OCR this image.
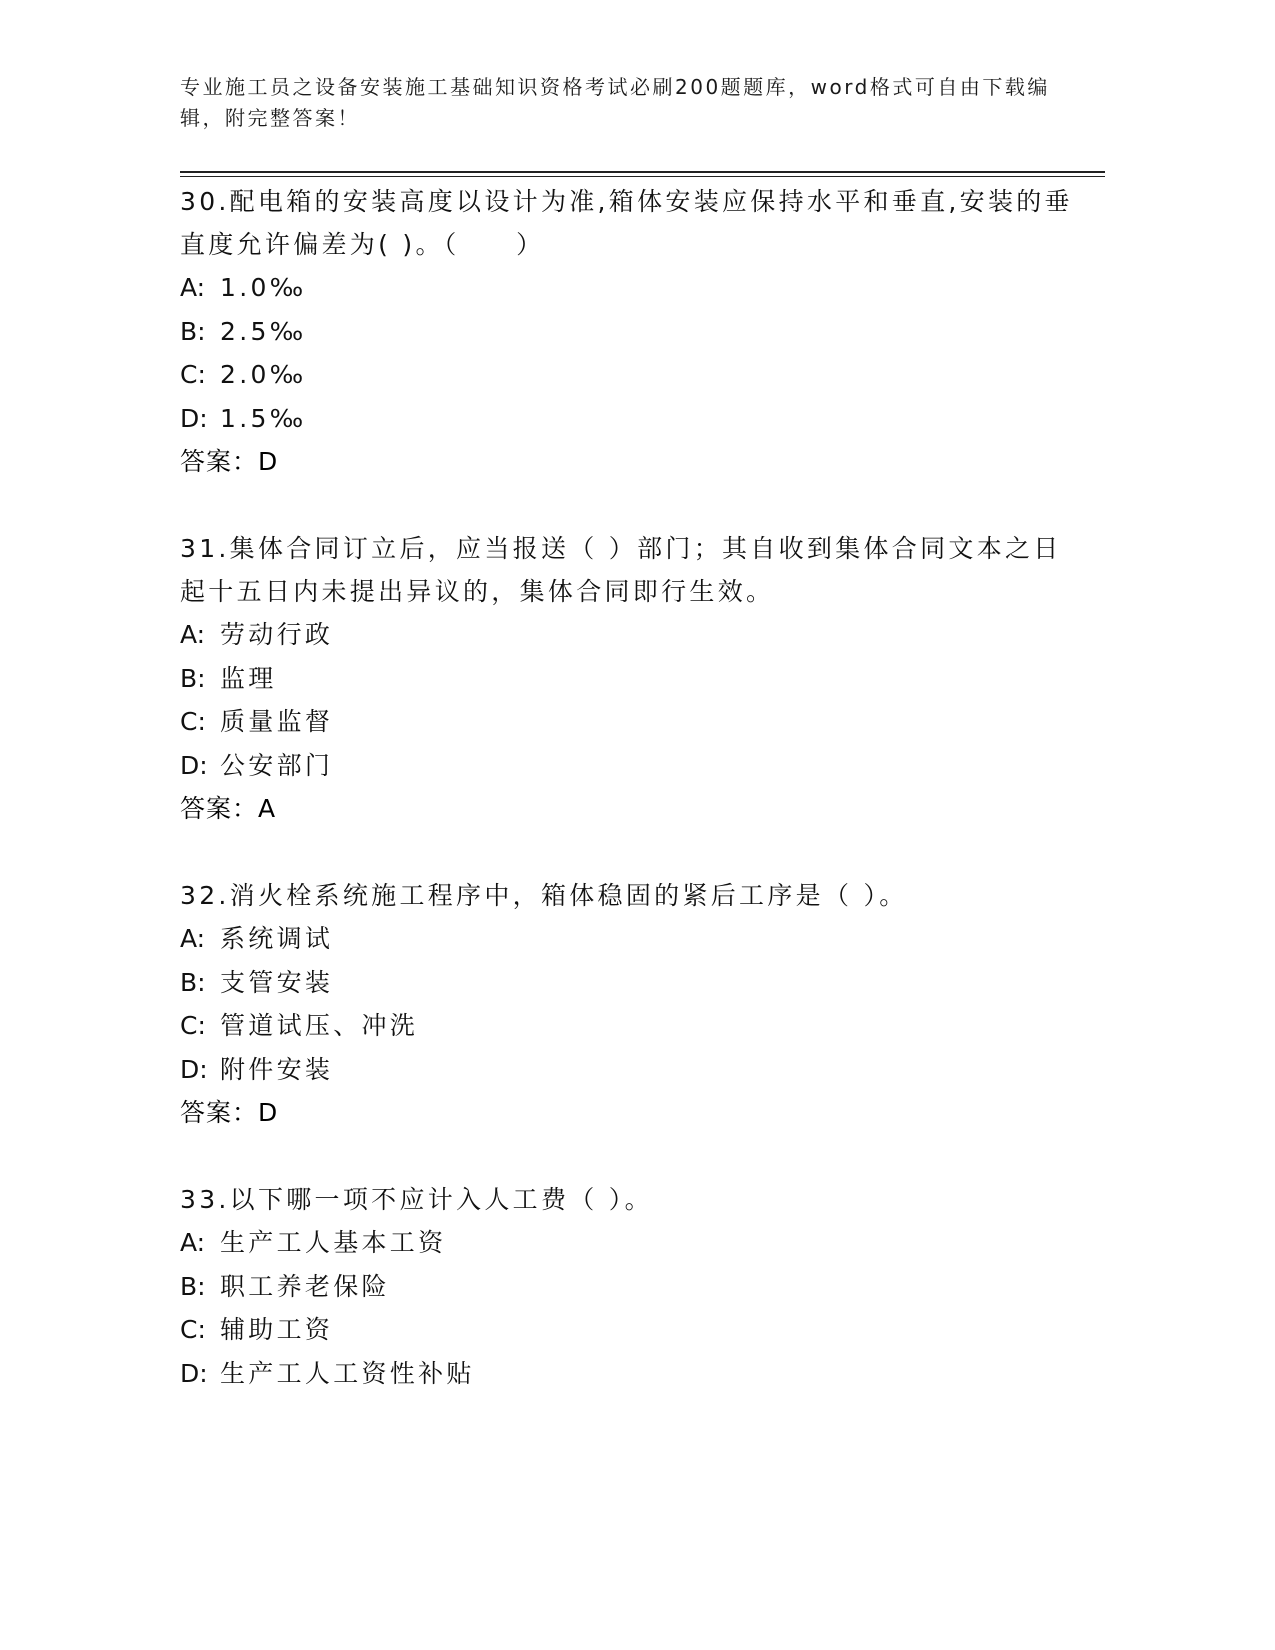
专业施工员之设备安装施工基础知识资格考试必刷200题题库，word格式可自由下载编辑，附完整答案！
30.配电箱的安装高度以设计为准,箱体安装应保持水平和垂直,安装的垂直度允许偏差为( )。（　　）
A: 1.0‰
B: 2.5‰
C: 2.0‰
D: 1.5‰
答案：D
31.集体合同订立后，应当报送（ ）部门；其自收到集体合同文本之日起十五日内未提出异议的，集体合同即行生效。
A: 劳动行政
B: 监理
C: 质量监督
D: 公安部门
答案：A
32.消火栓系统施工程序中，箱体稳固的紧后工序是（ ）。
A: 系统调试
B: 支管安装
C: 管道试压、冲洗
D: 附件安装
答案：D
33.以下哪一项不应计入人工费（ ）。
A: 生产工人基本工资
B: 职工养老保险
C: 辅助工资
D: 生产工人工资性补贴
